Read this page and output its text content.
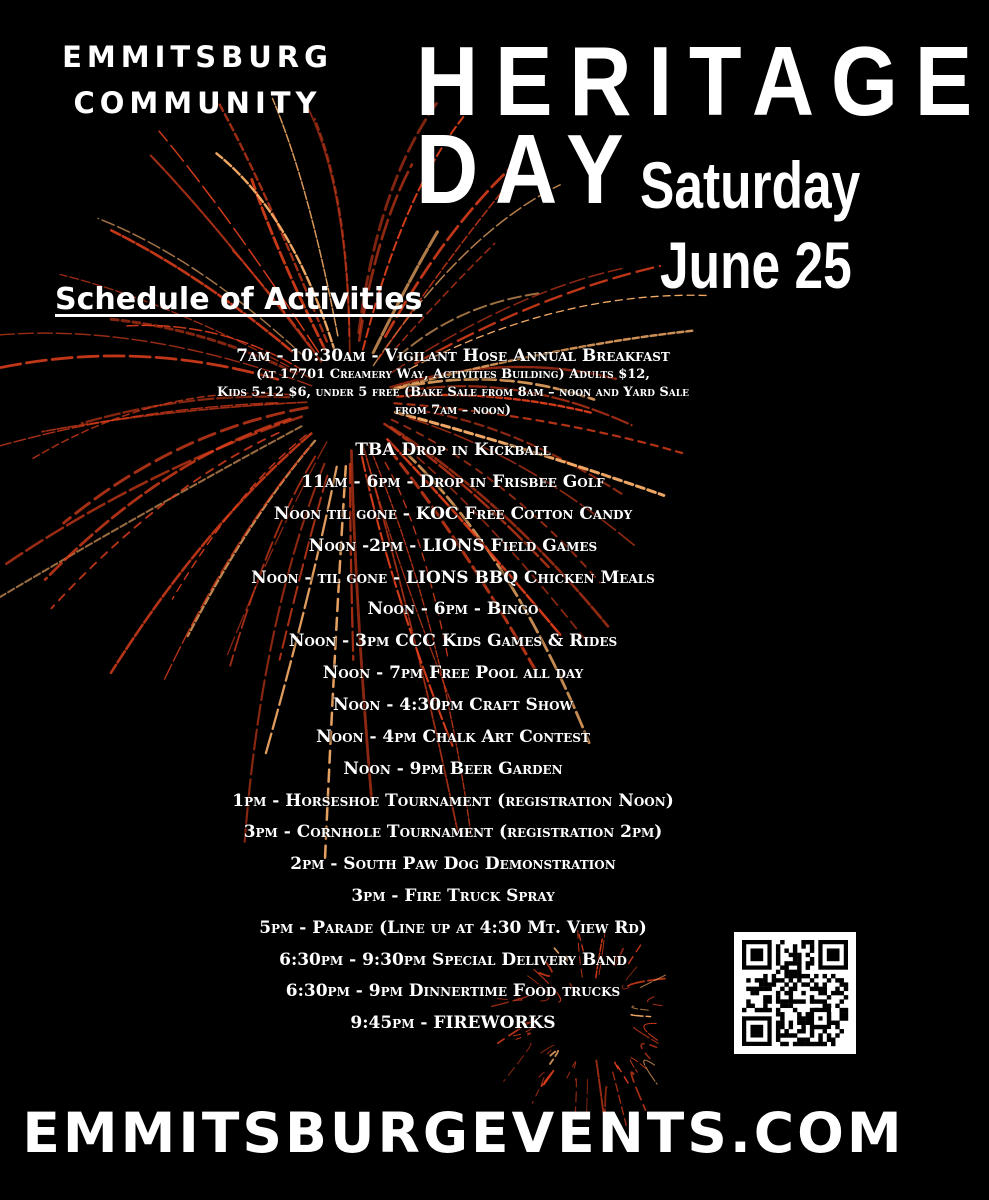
EMMITSBURG
COMMUNITY HERITAGE
DAY Saturday
June 25
Schedule of Activities
7am - 10:30am - Vigilant Hose Annual Breakfast
(at 17701 Creamery Way, Activities Building) Adults $12,
Kids 5-12 $6, under 5 free (Bake Sale from 8am – noon and Yard Sale
from 7am – noon)
TBA Drop in Kickball
11am - 6pm - Drop in Frisbee Golf
Noon til gone - KOC Free Cotton Candy
Noon -2pm - LIONS Field Games
Noon - til gone - LIONS BBQ Chicken Meals
Noon - 6pm - Bingo
Noon - 3pm CCC Kids Games & Rides
Noon - 7pm Free Pool all day
Noon - 4:30pm Craft Show
Noon - 4pm Chalk Art Contest
Noon - 9pm Beer Garden
1pm - Horseshoe Tournament (registration Noon)
3pm - Cornhole Tournament (registration 2pm)
2pm - South Paw Dog Demonstration
3pm - Fire Truck Spray
5pm - Parade (Line up at 4:30 Mt. View Rd)
6:30pm - 9:30pm Special Delivery Band
6:30pm - 9pm Dinnertime Food trucks
9:45pm - FIREWORKS
EMMITSBURGEVENTS.COM
